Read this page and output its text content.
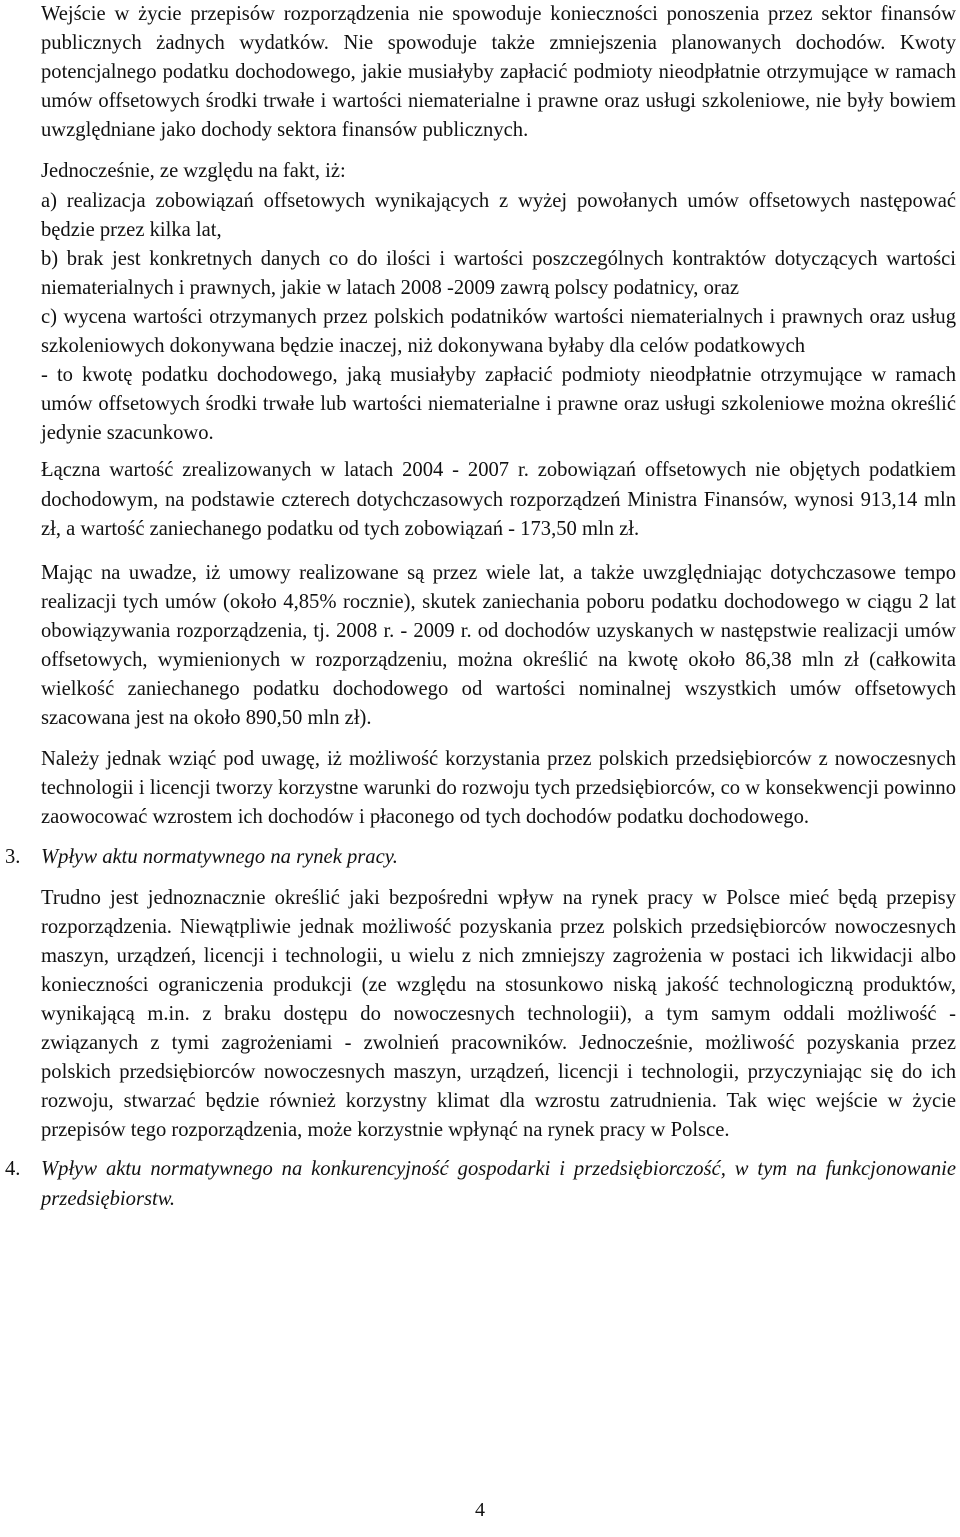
Wejście w życie przepisów rozporządzenia nie spowoduje konieczności ponoszenia przez sektor finansów publicznych żadnych wydatków. Nie spowoduje także zmniejszenia planowanych dochodów. Kwoty potencjalnego podatku dochodowego, jakie musiałyby zapłacić podmioty nieodpłatnie otrzymujące w ramach umów offsetowych środki trwałe i wartości niematerialne i prawne oraz usługi szkoleniowe, nie były bowiem uwzględniane jako dochody sektora finansów publicznych.

Jednocześnie, ze względu na fakt, iż:

a) realizacja zobowiązań offsetowych wynikających z wyżej powołanych umów offsetowych następować będzie przez kilka lat,

b) brak jest konkretnych danych co do ilości i wartości poszczególnych kontraktów dotyczących wartości niematerialnych i prawnych, jakie w latach 2008 -2009 zawrą polscy podatnicy, oraz

c) wycena wartości otrzymanych przez polskich podatników wartości niematerialnych i prawnych oraz usług szkoleniowych dokonywana będzie inaczej, niż dokonywana byłaby dla celów podatkowych

- to kwotę podatku dochodowego, jaką musiałyby zapłacić podmioty nieodpłatnie otrzymujące w ramach umów offsetowych środki trwałe lub wartości niematerialne i prawne oraz usługi szkoleniowe można określić jedynie szacunkowo.

Łączna wartość zrealizowanych w latach 2004 - 2007 r. zobowiązań offsetowych nie objętych podatkiem dochodowym, na podstawie czterech dotychczasowych rozporządzeń Ministra Finansów, wynosi 913,14 mln zł, a wartość zaniechanego podatku od tych zobowiązań - 173,50 mln zł.

Mając na uwadze, iż umowy realizowane są przez wiele lat, a także uwzględniając dotychczasowe tempo realizacji tych umów (około 4,85% rocznie), skutek zaniechania poboru podatku dochodowego w ciągu 2 lat obowiązywania rozporządzenia, tj. 2008 r. - 2009 r. od dochodów uzyskanych w następstwie realizacji umów offsetowych, wymienionych w rozporządzeniu, można określić na kwotę około 86,38 mln zł (całkowita wielkość zaniechanego podatku dochodowego od wartości nominalnej wszystkich umów offsetowych szacowana jest na około 890,50 mln zł).

Należy jednak wziąć pod uwagę, iż możliwość korzystania przez polskich przedsiębiorców z nowoczesnych technologii i licencji tworzy korzystne warunki do rozwoju tych przedsiębiorców, co w konsekwencji powinno zaowocować wzrostem ich dochodów i płaconego od tych dochodów podatku dochodowego.

3. Wpływ aktu normatywnego na rynek pracy.

Trudno jest jednoznacznie określić jaki bezpośredni wpływ na rynek pracy w Polsce mieć będą przepisy rozporządzenia. Niewątpliwie jednak możliwość pozyskania przez polskich przedsiębiorców nowoczesnych maszyn, urządzeń, licencji i technologii, u wielu z nich zmniejszy zagrożenia w postaci ich likwidacji albo konieczności ograniczenia produkcji (ze względu na stosunkowo niską jakość technologiczną produktów, wynikającą m.in. z braku dostępu do nowoczesnych technologii), a tym samym oddali możliwość - związanych z tymi zagrożeniami - zwolnień pracowników. Jednocześnie, możliwość pozyskania przez polskich przedsiębiorców nowoczesnych maszyn, urządzeń, licencji i technologii, przyczyniając się do ich rozwoju, stwarzać będzie również korzystny klimat dla wzrostu zatrudnienia. Tak więc wejście w życie przepisów tego rozporządzenia, może korzystnie wpłynąć na rynek pracy w Polsce.

4. Wpływ aktu normatywnego na konkurencyjność gospodarki i przedsiębiorczość, w tym na funkcjonowanie przedsiębiorstw.

4
